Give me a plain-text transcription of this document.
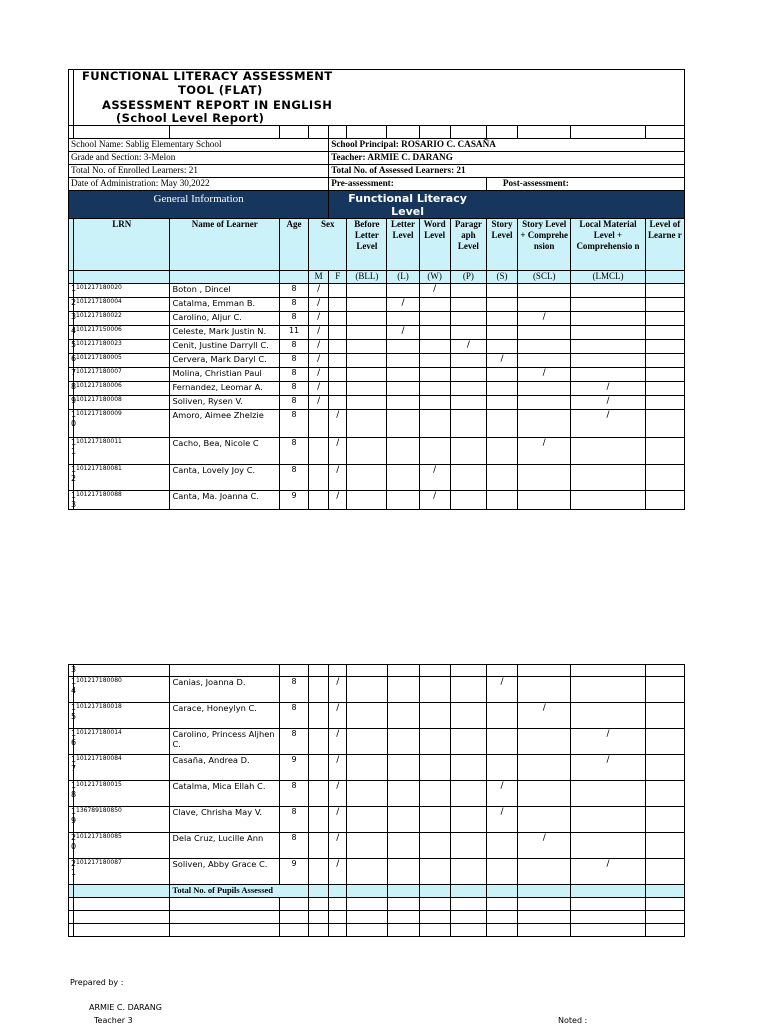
	FUNCTIONAL LITERACY ASSESSMENT												
	TOOL (FLAT)												
	ASSESSMENT REPORT IN ENGLISH												
	(School Level Report)												

School Name: Sablig Elementary School					School Principal: ROSARIO C. CASAÑA								
Grade and Section: 3-Melon					Teacher: ARMIE C. DARANG								
Total No. of Enrolled Learners: 21					Total No. of Assessed Learners: 21								
Date of Administration: May 30,2022					Pre-assessment:					Post-assessment:			
General Information					Functional Literacy Level								
	LRN	Name of Learner	Age	Sex		Before Letter Level	Letter Level	Word Level	Paragr aph Level	Story Level	Story Level + Comprehe nsion	Local Material Level + Comprehensio n	Level of Learne r
				M	F	(BLL)	(L)	(W)	(P)	(S)	(SCL)	(LMCL)	
1	101217180020	Boton , Dincel	8	/				/					
2	101217180004	Catalma, Emman B.	8	/			/						
3	101217180022	Carolino, Aljur C.	8	/							/		
4	101217150006	Celeste, Mark Justin N.	11	/			/						
5	101217180023	Cenit, Justine Darryll C.	8	/					/				
6	101217180005	Cervera, Mark Daryl C.	8	/						/			
7	101217180007	Molina, Christian Paul	8	/							/		
8	101217180006	Fernandez, Leomar A.	8	/								/	
9	101217180008	Soliven, Rysen V.	8	/								/	
10	101217180009	Amoro, Aimee Zhelzie	8		/							/	
11	101217180011	Cacho, Bea, Nicole C	8		/						/		
12	101217180081	Canta, Lovely Joy C.	8		/			/					
13	101217180088	Canta, Ma. Joanna C.	9		/			/					
3													
14	101217180080	Canias, Joanna D.	8		/					/			
15	101217180018	Carace, Honeylyn C.	8		/						/		
16	101217180014	Carolino, Princess Aljhen C.	8		/							/	
17	101217180084	Casaña, Andrea D.	9		/							/	
18	101217180015	Catalma, Mica Ellah C.	8		/					/			
19	136789180850	Clave, Chrisha May V.	8		/					/			
20	101217180085	Dela Cruz, Lucille Ann	8		/						/		
21	101217180087	Soliven, Abby Grace C.	9		/							/	
		Total No. of Pupils Assessed											

Prepared by :
ARMIE C. DARANG
Teacher 3	Noted :
